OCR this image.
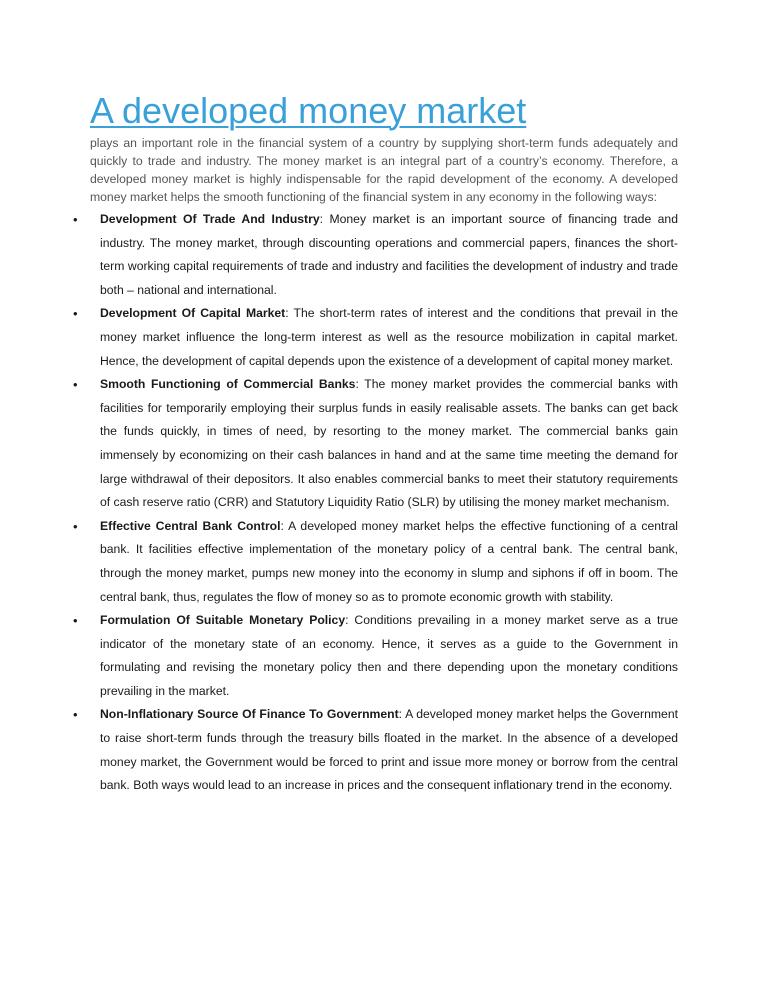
A developed money market

plays an important role in the financial system of a country by supplying short-term funds adequately and quickly to trade and industry. The money market is an integral part of a country’s economy. Therefore, a developed money market is highly indispensable for the rapid development of the economy. A developed money market helps the smooth functioning of the financial system in any economy in the following ways:

• Development Of Trade And Industry: Money market is an important source of financing trade and industry. The money market, through discounting operations and commercial papers, finances the short-term working capital requirements of trade and industry and facilities the development of industry and trade both – national and international.
• Development Of Capital Market: The short-term rates of interest and the conditions that prevail in the money market influence the long-term interest as well as the resource mobilization in capital market. Hence, the development of capital depends upon the existence of a development of capital money market.
• Smooth Functioning of Commercial Banks: The money market provides the commercial banks with facilities for temporarily employing their surplus funds in easily realisable assets. The banks can get back the funds quickly, in times of need, by resorting to the money market. The commercial banks gain immensely by economizing on their cash balances in hand and at the same time meeting the demand for large withdrawal of their depositors. It also enables commercial banks to meet their statutory requirements of cash reserve ratio (CRR) and Statutory Liquidity Ratio (SLR) by utilising the money market mechanism.
• Effective Central Bank Control: A developed money market helps the effective functioning of a central bank. It facilities effective implementation of the monetary policy of a central bank. The central bank, through the money market, pumps new money into the economy in slump and siphons if off in boom. The central bank, thus, regulates the flow of money so as to promote economic growth with stability.
• Formulation Of Suitable Monetary Policy: Conditions prevailing in a money market serve as a true indicator of the monetary state of an economy. Hence, it serves as a guide to the Government in formulating and revising the monetary policy then and there depending upon the monetary conditions prevailing in the market.
• Non-Inflationary Source Of Finance To Government: A developed money market helps the Government to raise short-term funds through the treasury bills floated in the market. In the absence of a developed money market, the Government would be forced to print and issue more money or borrow from the central bank. Both ways would lead to an increase in prices and the consequent inflationary trend in the economy.
